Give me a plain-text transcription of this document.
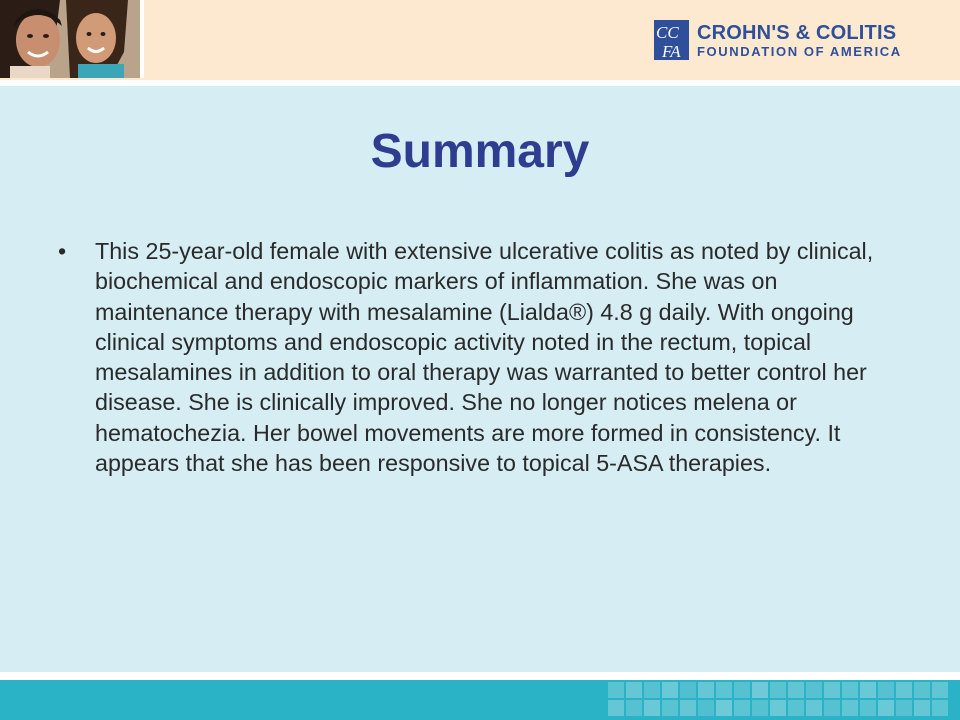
CC
FA
CROHN'S & COLITIS
FOUNDATION OF AMERICA
Summary
• This 25-year-old female with extensive ulcerative colitis as noted by clinical, biochemical and endoscopic markers of inflammation. She was on maintenance therapy with mesalamine (Lialda®) 4.8 g daily. With ongoing clinical symptoms and endoscopic activity noted in the rectum, topical mesalamines in addition to oral therapy was warranted to better control her disease. She is clinically improved. She no longer notices melena or hematochezia. Her bowel movements are more formed in consistency. It appears that she has been responsive to topical 5-ASA therapies.
